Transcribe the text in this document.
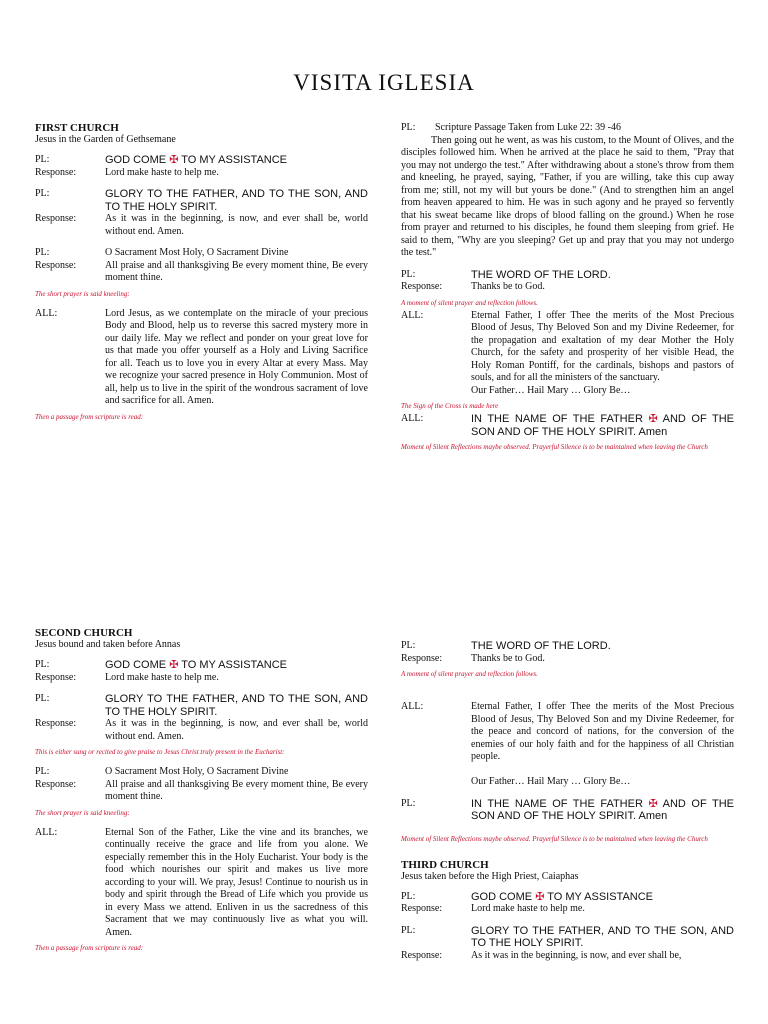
VISITA IGLESIA

FIRST CHURCH

Jesus in the Garden of Gethsemane

PL:	GOD COME ✠ TO MY ASSISTANCE
Response:	Lord make haste to help me.
PL:	GLORY TO THE FATHER, AND TO THE SON, AND TO THE HOLY SPIRIT.
Response:	As it was in the beginning, is now, and ever shall be, world without end. Amen.
PL:	O Sacrament Most Holy, O Sacrament Divine
Response:	All praise and all thanksgiving Be every moment thine, Be every moment thine.

The short prayer is said kneeling:

ALL:	Lord Jesus, as we contemplate on the miracle of your precious Body and Blood, help us to reverse this sacred mystery more in our daily life. May we reflect and ponder on your great love for us that made you offer yourself as a Holy and Living Sacrifice for all. Teach us to love you in every Altar at every Mass. May we recognize your sacred presence in Holy Communion. Most of all, help us to live in the spirit of the wondrous sacrament of love and sacrifice for all. Amen.

Then a passage from scripture is read:

PL:	Scripture Passage Taken from Luke 22: 39 -46
Then going out he went, as was his custom, to the Mount of Olives, and the disciples followed him. When he arrived at the place he said to them, "Pray that you may not undergo the test." After withdrawing about a stone's throw from them and kneeling, he prayed, saying, "Father, if you are willing, take this cup away from me; still, not my will but yours be done." (And to strengthen him an angel from heaven appeared to him. He was in such agony and he prayed so fervently that his sweat became like drops of blood falling on the ground.) When he rose from prayer and returned to his disciples, he found them sleeping from grief. He said to them, "Why are you sleeping? Get up and pray that you may not undergo the test."
PL:	THE WORD OF THE LORD.
Response:	Thanks be to God.

A moment of silent prayer and reflection follows.

ALL:	Eternal Father, I offer Thee the merits of the Most Precious Blood of Jesus, Thy Beloved Son and my Divine Redeemer, for the propagation and exaltation of my dear Mother the Holy Church, for the safety and prosperity of her visible Head, the Holy Roman Pontiff, for the cardinals, bishops and pastors of souls, and for all the ministers of the sanctuary.
Our Father… Hail Mary … Glory Be…

The Sign of the Cross is made here

ALL:	IN THE NAME OF THE FATHER ✠ AND OF THE SON AND OF THE HOLY SPIRIT. Amen

Moment of Silent Reflections maybe observed. Prayerful Silence is to be maintained when leaving the Church

SECOND CHURCH

Jesus bound and taken before Annas

PL:	GOD COME ✠ TO MY ASSISTANCE
Response:	Lord make haste to help me.
PL:	GLORY TO THE FATHER, AND TO THE SON, AND TO THE HOLY SPIRIT.
Response:	As it was in the beginning, is now, and ever shall be, world without end. Amen.

This is either sung or recited to give praise to Jesus Christ truly present in the Eucharist:

PL:	O Sacrament Most Holy, O Sacrament Divine
Response:	All praise and all thanksgiving Be every moment thine, Be every moment thine.

The short prayer is said kneeling:

ALL:	Eternal Son of the Father, Like the vine and its branches, we continually receive the grace and life from you alone. We especially remember this in the Holy Eucharist. Your body is the food which nourishes our spirit and makes us live more according to your will. We pray, Jesus! Continue to nourish us in body and spirit through the Bread of Life which you provide us in every Mass we attend. Enliven in us the sacredness of this Sacrament that we may continuously live as what you will. Amen.

Then a passage from scripture is read:

PL:	THE WORD OF THE LORD.
Response:	Thanks be to God.

A moment of silent prayer and reflection follows.

ALL:	Eternal Father, I offer Thee the merits of the Most Precious Blood of Jesus, Thy Beloved Son and my Divine Redeemer, for the peace and concord of nations, for the conversion of the enemies of our holy faith and for the happiness of all Christian people.

Our Father… Hail Mary … Glory Be…
PL:	IN THE NAME OF THE FATHER ✠ AND OF THE SON AND OF THE HOLY SPIRIT. Amen

Moment of Silent Reflections maybe observed. Prayerful Silence is to be maintained when leaving the Church

THIRD CHURCH

Jesus taken before the High Priest, Caiaphas

PL:	GOD COME ✠ TO MY ASSISTANCE
Response:	Lord make haste to help me.
PL:	GLORY TO THE FATHER, AND TO THE SON, AND TO THE HOLY SPIRIT.
Response:	As it was in the beginning, is now, and ever shall be,
